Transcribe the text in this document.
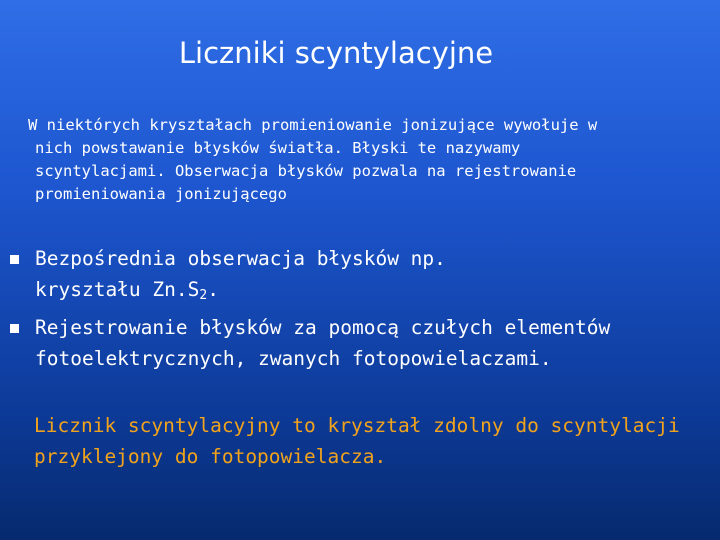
Liczniki scyntylacyjne
W niektórych kryształach promieniowanie jonizujące wywołuje w
nich powstawanie błysków światła. Błyski te nazywamy
scyntylacjami. Obserwacja błysków pozwala na rejestrowanie
promieniowania jonizującego
Bezpośrednia obserwacja błysków np.
kryształu $Zn.S_2$.
Rejestrowanie błysków za pomocą czułych elementów
fotoelektrycznych, zwanych fotopowielaczami.
Licznik scyntylacyjny to kryształ zdolny do scyntylacji
przyklejony do fotopowielacza.
